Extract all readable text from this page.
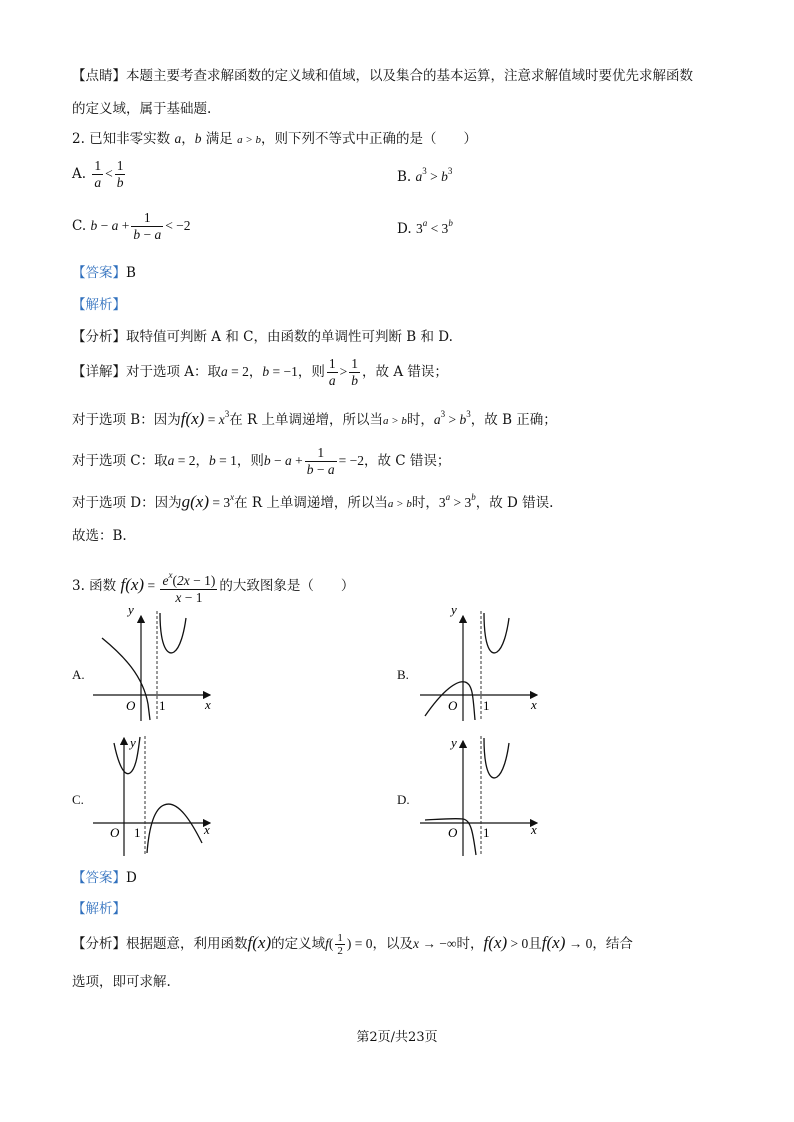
【点睛】本题主要考查求解函数的定义域和值域，以及集合的基本运算，注意求解值域时要优先求解函数
的定义域，属于基础题.
2. 已知非零实数 a，b 满足 a > b，则下列不等式中正确的是（　　）
A. $\frac{1}{a} < \frac{1}{b}$	B. $a^3 > b^3$
C. $b - a + \frac{1}{b - a} < -2$	D. $3^a < 3^b$
【答案】B
【解析】
【分析】取特值可判断 A 和 C，由函数的单调性可判断 B 和 D.
【详解】对于选项 A：取a = 2，b = −1，则 $\frac{1}{a} > \frac{1}{b}$ ，故 A 错误；
对于选项 B：因为$f(x) = x^3$在 R 上单调递增，所以当a > b时，$a^3 > b^3$，故 B 正确；
对于选项 C：取a = 2，b = 1，则$b - a + \frac{1}{b - a} = -2$，故 C 错误；
对于选项 D：因为$g(x) = 3^x$在 R 上单调递增，所以当a > b时，$3^a > 3^b$，故 D 错误.
故选：B.
3. 函数 $f(x) = \frac{e^x(2x - 1)}{x - 1}$ 的大致图象是（　　）
A.	B.
C.	D.
y
x
O 1
y
x
O 1
y
x
O 1
y
x
O 1
【答案】D
【解析】
【分析】根据题意，利用函数f(x)的定义域$f( \frac{1}{2}$ ) = 0，以及x → −∞时，f(x) > 0且f(x) → 0，结合
选项，即可求解.
第2页/共23页
